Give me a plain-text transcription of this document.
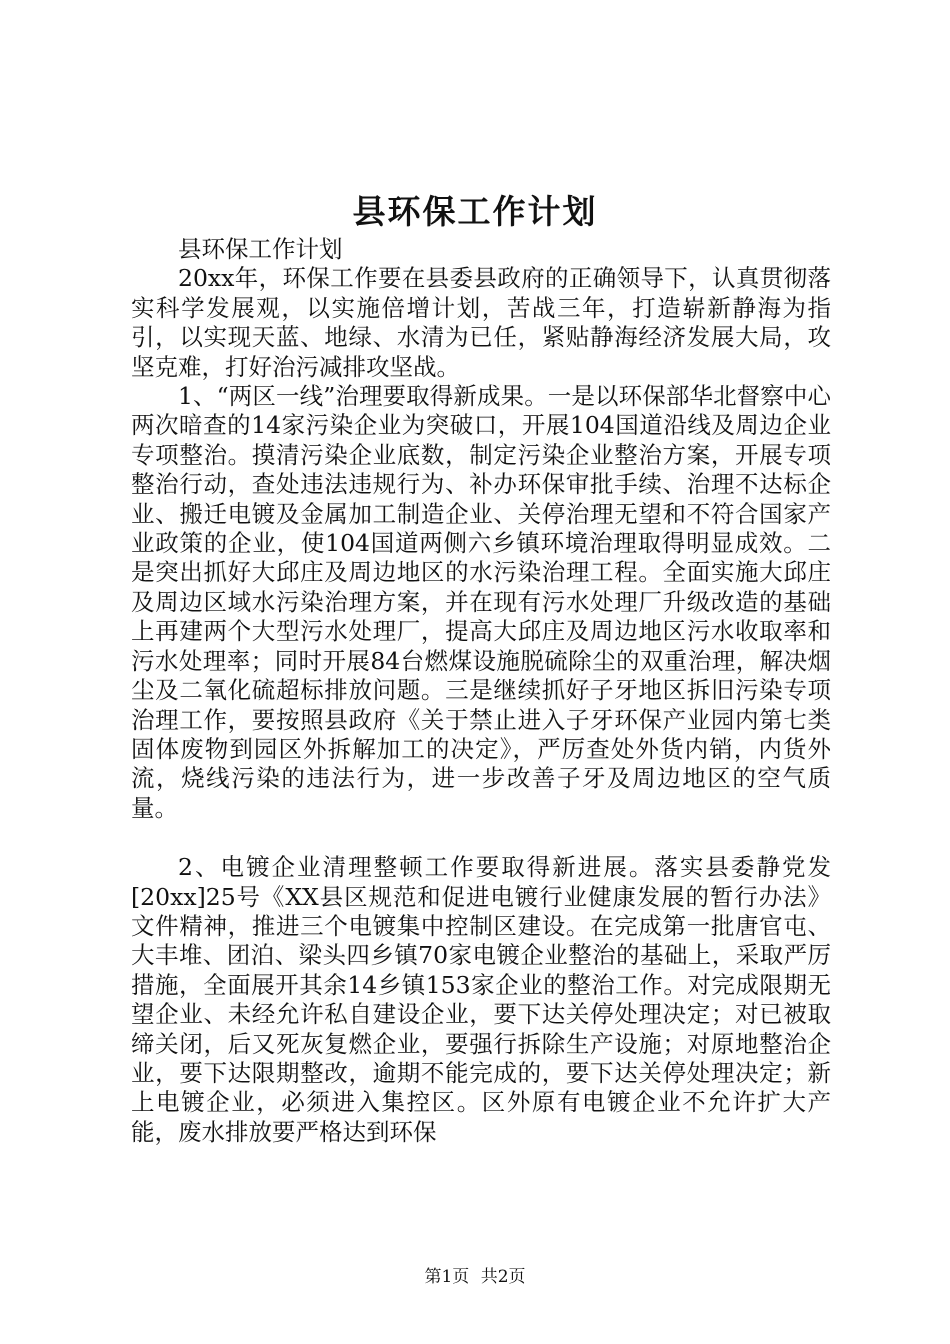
县环保工作计划

县环保工作计划

20xx年，环保工作要在县委县政府的正确领导下，认真贯彻落实科学发展观，以实施倍增计划，苦战三年，打造崭新静海为指引，以实现天蓝、地绿、水清为已任，紧贴静海经济发展大局，攻坚克难，打好治污减排攻坚战。

1、“两区一线”治理要取得新成果。一是以环保部华北督察中心两次暗查的14家污染企业为突破口，开展104国道沿线及周边企业专项整治。摸清污染企业底数，制定污染企业整治方案，开展专项整治行动，查处违法违规行为、补办环保审批手续、治理不达标企业、搬迁电镀及金属加工制造企业、关停治理无望和不符合国家产业政策的企业，使104国道两侧六乡镇环境治理取得明显成效。二是突出抓好大邱庄及周边地区的水污染治理工程。全面实施大邱庄及周边区域水污染治理方案，并在现有污水处理厂升级改造的基础上再建两个大型污水处理厂，提高大邱庄及周边地区污水收取率和污水处理率；同时开展84台燃煤设施脱硫除尘的双重治理，解决烟尘及二氧化硫超标排放问题。三是继续抓好子牙地区拆旧污染专项治理工作，要按照县政府《关于禁止进入子牙环保产业园内第七类固体废物到园区外拆解加工的决定》，严厉查处外货内销，内货外流，烧线污染的违法行为，进一步改善子牙及周边地区的空气质量。

2、电镀企业清理整顿工作要取得新进展。落实县委静党发[20xx]25号《XX县区规范和促进电镀行业健康发展的暂行办法》文件精神，推进三个电镀集中控制区建设。在完成第一批唐官屯、大丰堆、团泊、梁头四乡镇70家电镀企业整治的基础上，采取严厉措施，全面展开其余14乡镇153家企业的整治工作。对完成限期无望企业、未经允许私自建设企业，要下达关停处理决定；对已被取缔关闭，后又死灰复燃企业，要强行拆除生产设施；对原地整治企业，要下达限期整改，逾期不能完成的，要下达关停处理决定；新上电镀企业，必须进入集控区。区外原有电镀企业不允许扩大产能，废水排放要严格达到环保

第1页 共2页
